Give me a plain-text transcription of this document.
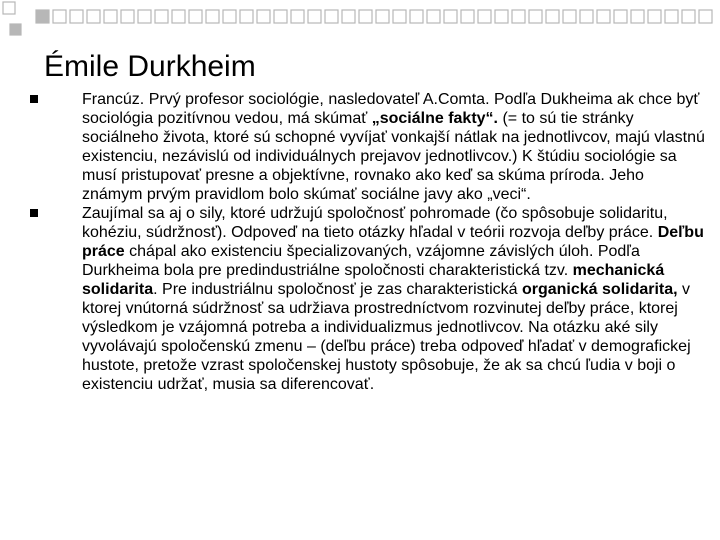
Émile Durkheim
Francúz. Prvý profesor sociológie, nasledovateľ A.Comta. Podľa Dukheima ak chce byť sociológia pozitívnou vedou, má skúmať „sociálne fakty“. (= to sú tie stránky sociálneho života, ktoré sú schopné vyvíjať vonkajší nátlak na jednotlivcov, majú vlastnú existenciu, nezávislú od individuálnych prejavov jednotlivcov.) K štúdiu sociológie sa musí pristupovať presne a objektívne, rovnako ako keď sa skúma príroda. Jeho známym prvým pravidlom bolo skúmať sociálne javy ako „veci“.
Zaujímal sa aj o sily, ktoré udržujú spoločnosť pohromade (čo spôsobuje solidaritu, kohéziu, súdržnosť). Odpoveď na tieto otázky hľadal v teórii rozvoja deľby práce. Deľbu práce chápal ako existenciu špecializovaných, vzájomne závislých úloh. Podľa Durkheima bola pre predindustriálne spoločnosti charakteristická tzv. mechanická solidarita. Pre industriálnu spoločnosť je zas charakteristická organická solidarita, v ktorej vnútorná súdržnosť sa udržiava prostredníctvom rozvinutej deľby práce, ktorej výsledkom je vzájomná potreba a individualizmus jednotlivcov. Na otázku aké sily vyvolávajú spoločenskú zmenu – (deľbu práce) treba odpoveď hľadať v demografickej hustote, pretože vzrast spoločenskej hustoty spôsobuje, že ak sa chcú ľudia v boji o existenciu udržať, musia sa diferencovať.
